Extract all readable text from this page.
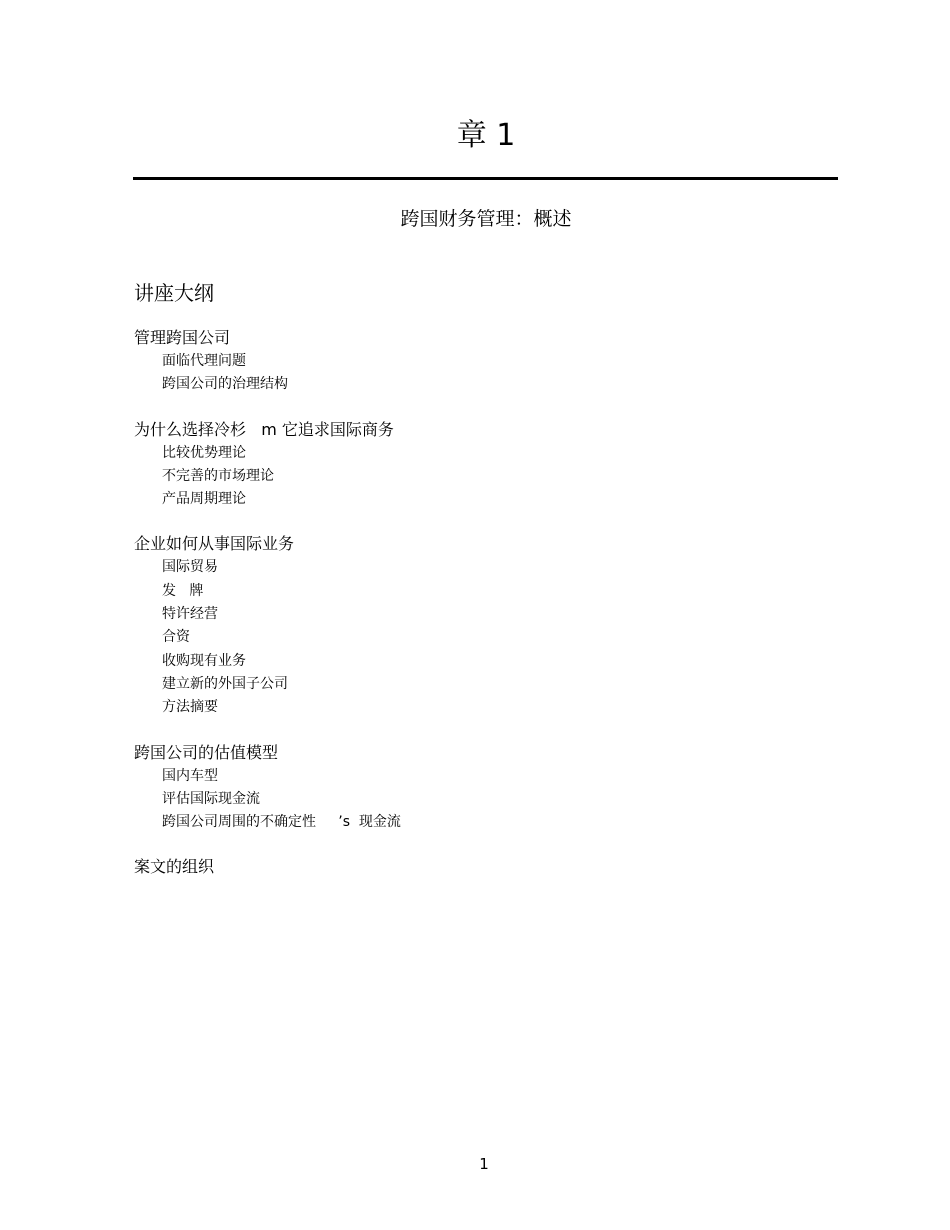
章 1
跨国财务管理：概述
讲座大纲

管理跨国公司

面临代理问题
跨国公司的治理结构

为什么选择冷杉   m 它追求国际商务

比较优势理论
不完善的市场理论
产品周期理论

企业如何从事国际业务

国际贸易
发   牌
特许经营
合资
收购现有业务
建立新的外国子公司
方法摘要

跨国公司的估值模型

国内车型
评估国际现金流
跨国公司周围的不确定性     ’s  现金流

案文的组织

1
